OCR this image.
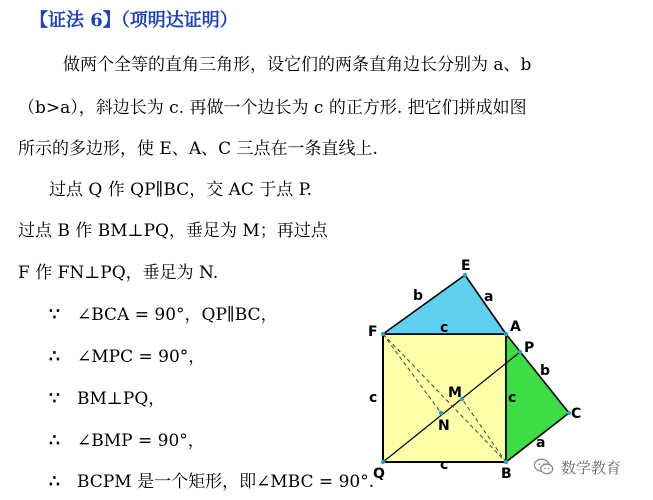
【证法 6】（项明达证明）
做两个全等的直角三角形，设它们的两条直角边长分别为 a、b
（b>a），斜边长为 c. 再做一个边长为 c 的正方形. 把它们拼成如图
所示的多边形，使 E、A、C 三点在一条直线上.
过点 Q 作 QP∥BC，交 AC 于点 P.
过点 B 作 BM⊥PQ，垂足为 M；再过点
F 作 FN⊥PQ，垂足为 N.
∵ ∠BCA = 90°，QP∥BC，
∴ ∠MPC = 90°，
∵ BM⊥PQ，
∴ ∠BMP = 90°，
∴ BCPM 是一个矩形，即∠MBC = 90°.
E
F	A
P
M
N
C
Q	B
b	a
c
c	c
b
a
c	数学教育
